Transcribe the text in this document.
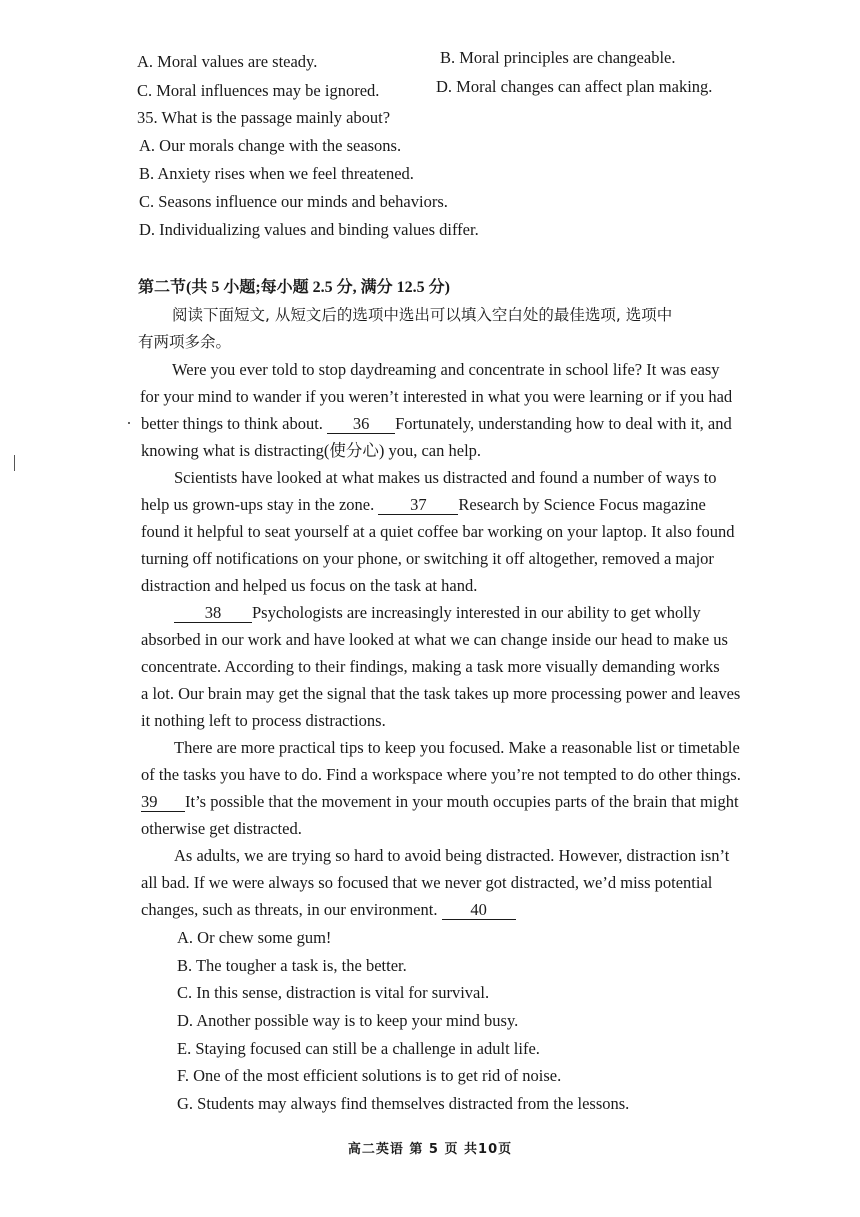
A. Moral values are steady.	B. Moral principles are changeable.
C. Moral influences may be ignored.	D. Moral changes can affect plan making.
35. What is the passage mainly about?
A. Our morals change with the seasons.
B. Anxiety rises when we feel threatened.
C. Seasons influence our minds and behaviors.
D. Individualizing values and binding values differ.
第二节(共 5 小题;每小题 2.5 分, 满分 12.5 分)
阅读下面短文, 从短文后的选项中选出可以填入空白处的最佳选项, 选项中
有两项多余。
Were you ever told to stop daydreaming and concentrate in school life? It was easy
for your mind to wander if you weren’t interested in what you were learning or if you had
better things to think about. 36 Fortunately, understanding how to deal with it, and
knowing what is distracting(使分心) you, can help.
Scientists have looked at what makes us distracted and found a number of ways to
help us grown-ups stay in the zone. 37 Research by Science Focus magazine
found it helpful to seat yourself at a quiet coffee bar working on your laptop. It also found
turning off notifications on your phone, or switching it off altogether, removed a major
distraction and helped us focus on the task at hand.
38 Psychologists are increasingly interested in our ability to get wholly
absorbed in our work and have looked at what we can change inside our head to make us
concentrate. According to their findings, making a task more visually demanding works
a lot. Our brain may get the signal that the task takes up more processing power and leaves
it nothing left to process distractions.
There are more practical tips to keep you focused. Make a reasonable list or timetable
of the tasks you have to do. Find a workspace where you’re not tempted to do other things.
39 It’s possible that the movement in your mouth occupies parts of the brain that might
otherwise get distracted.
As adults, we are trying so hard to avoid being distracted. However, distraction isn’t
all bad. If we were always so focused that we never got distracted, we’d miss potential
changes, such as threats, in our environment. 40
A. Or chew some gum!
B. The tougher a task is, the better.
C. In this sense, distraction is vital for survival.
D. Another possible way is to keep your mind busy.
E. Staying focused can still be a challenge in adult life.
F. One of the most efficient solutions is to get rid of noise.
G. Students may always find themselves distracted from the lessons.
高二英语 第 5 页 共10页
